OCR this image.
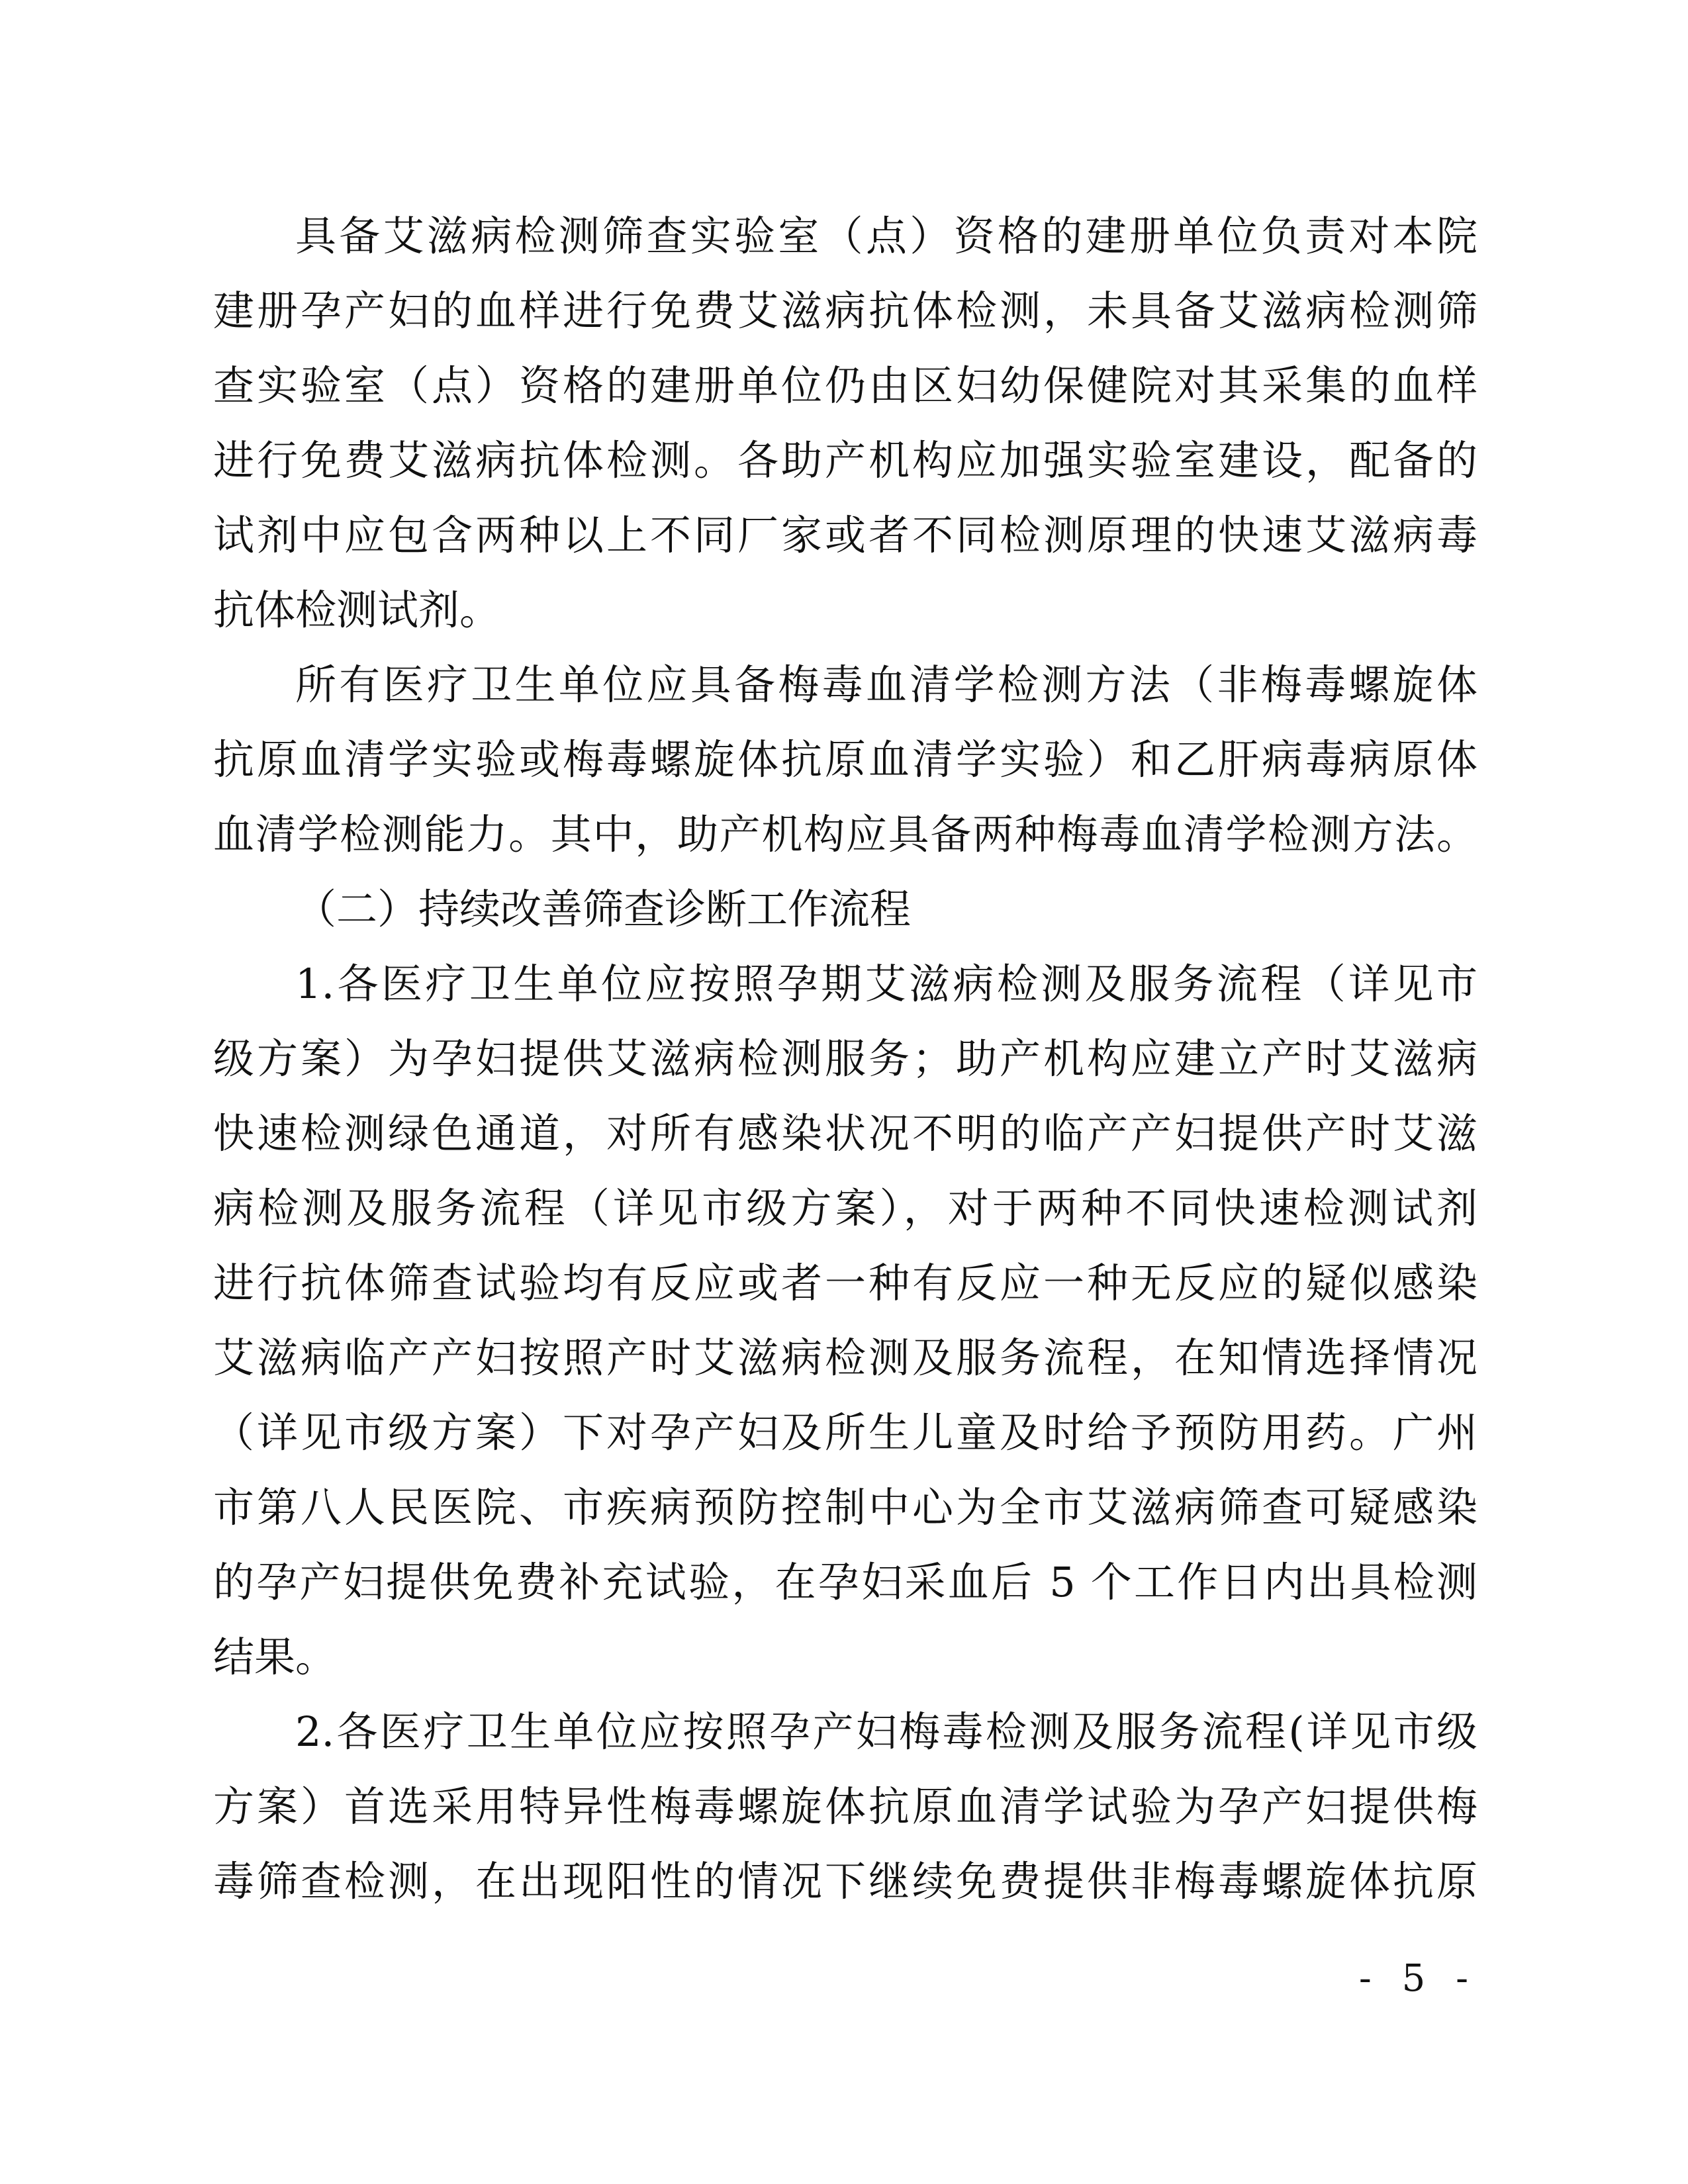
具备艾滋病检测筛查实验室（点）资格的建册单位负责对本院
建册孕产妇的血样进行免费艾滋病抗体检测，未具备艾滋病检测筛
查实验室（点）资格的建册单位仍由区妇幼保健院对其采集的血样
进行免费艾滋病抗体检测。各助产机构应加强实验室建设，配备的
试剂中应包含两种以上不同厂家或者不同检测原理的快速艾滋病毒
抗体检测试剂。
所有医疗卫生单位应具备梅毒血清学检测方法（非梅毒螺旋体
抗原血清学实验或梅毒螺旋体抗原血清学实验）和乙肝病毒病原体
血清学检测能力。其中，助产机构应具备两种梅毒血清学检测方法。
（二）持续改善筛查诊断工作流程
1.各医疗卫生单位应按照孕期艾滋病检测及服务流程（详见市
级方案）为孕妇提供艾滋病检测服务；助产机构应建立产时艾滋病
快速检测绿色通道，对所有感染状况不明的临产产妇提供产时艾滋
病检测及服务流程（详见市级方案），对于两种不同快速检测试剂
进行抗体筛查试验均有反应或者一种有反应一种无反应的疑似感染
艾滋病临产产妇按照产时艾滋病检测及服务流程，在知情选择情况
（详见市级方案）下对孕产妇及所生儿童及时给予预防用药。广州
市第八人民医院、市疾病预防控制中心为全市艾滋病筛查可疑感染
的孕产妇提供免费补充试验，在孕妇采血后 5 个工作日内出具检测
结果。
2.各医疗卫生单位应按照孕产妇梅毒检测及服务流程(详见市级
方案）首选采用特异性梅毒螺旋体抗原血清学试验为孕产妇提供梅
毒筛查检测，在出现阳性的情况下继续免费提供非梅毒螺旋体抗原
- 5 -
